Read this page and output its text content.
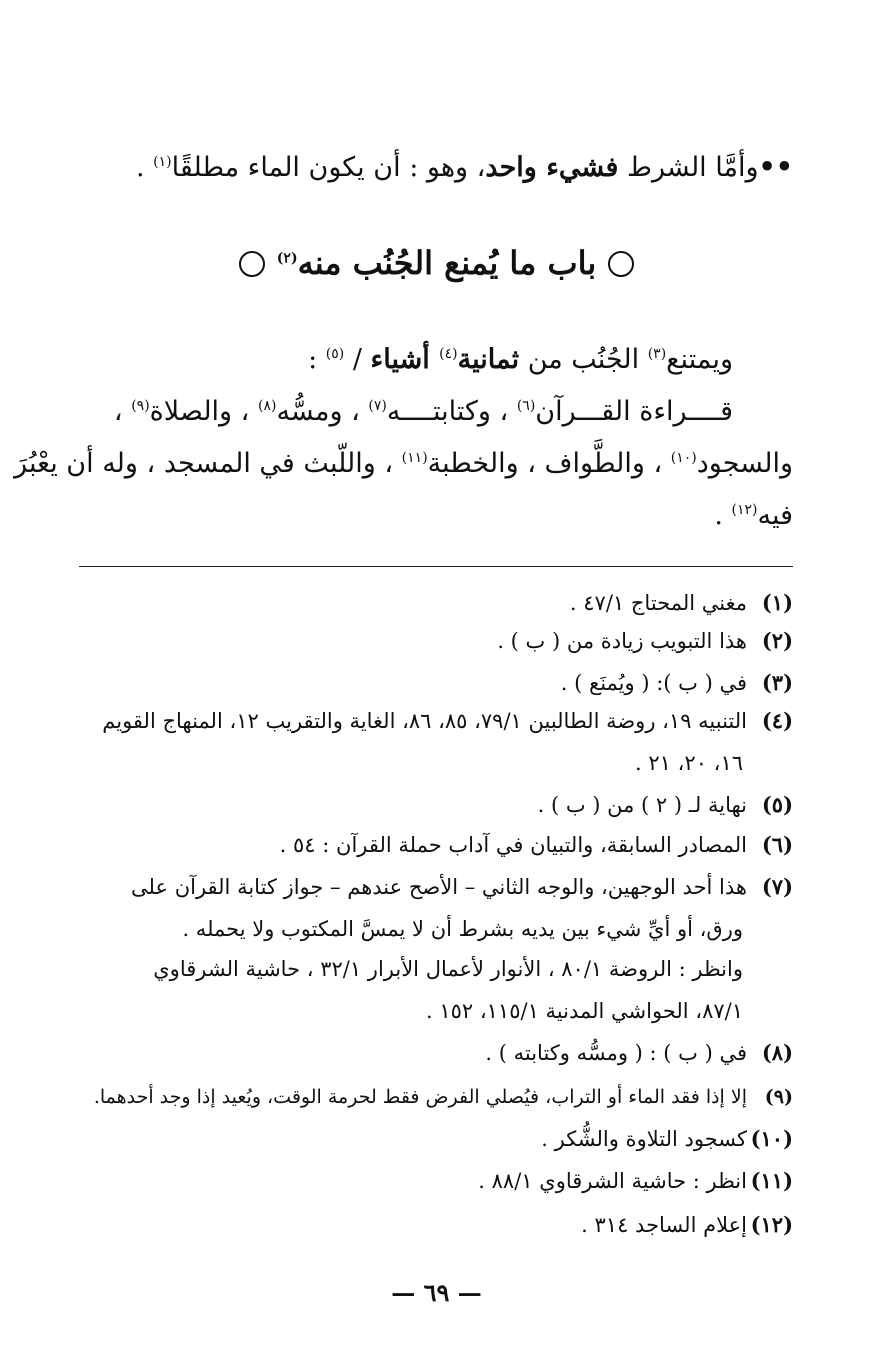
••وأمَّا الشرط فشيء واحد، وهو : أن يكون الماء مطلقًا$^{(١)}$ .
باب ما يُمنع الجُنُب منه$^{(٢)}$
ويمتنع$^{(٣)}$ الجُنُب من ثمانية$^{(٤)}$ أشياء / $^{(٥)}$ :
قــــراءة القـــرآن$^{(٦)}$ ، وكتابتــــه$^{(٧)}$ ، ومسُّه$^{(٨)}$ ، والصلاة$^{(٩)}$ ،
والسجود$^{(١٠)}$ ، والطَّواف ، والخطبة$^{(١١)}$ ، واللّبث في المسجد ، وله أن يعْبُرَ
فيه$^{(١٢)}$ .
(١)مغني المحتاج ٤٧/١ .
(٢)هذا التبويب زيادة من ( ب ) .
(٣)في ( ب ): ( ويُمنَع ) .
(٤)التنبيه ١٩، روضة الطالبين ٧٩/١، ٨٥، ٨٦، الغاية والتقريب ١٢، المنهاج القويم
١٦، ٢٠، ٢١ .
(٥)نهاية لـ ( ٢ ) من ( ب ) .
(٦)المصادر السابقة، والتبيان في آداب حملة القرآن : ٥٤ .
(٧)هذا أحد الوجهين، والوجه الثاني – الأصح عندهم – جواز كتابة القرآن على
ورق، أو أيِّ شيء بين يديه بشرط أن لا يمسَّ المكتوب ولا يحمله .
وانظر : الروضة ٨٠/١ ، الأنوار لأعمال الأبرار ٣٢/١ ، حاشية الشرقاوي
٨٧/١، الحواشي المدنية ١١٥/١، ١٥٢ .
(٨)في ( ب ) : ( ومسُّه وكتابته ) .
(٩)إلا إذا فقد الماء أو التراب، فيُصلي الفرض فقط لحرمة الوقت، ويُعيد إذا وجد أحدهما.
(١٠)كسجود التلاوة والشُّكر .
(١١)انظر : حاشية الشرقاوي ٨٨/١ .
(١٢)إعلام الساجد ٣١٤ .
— ٦٩ —
